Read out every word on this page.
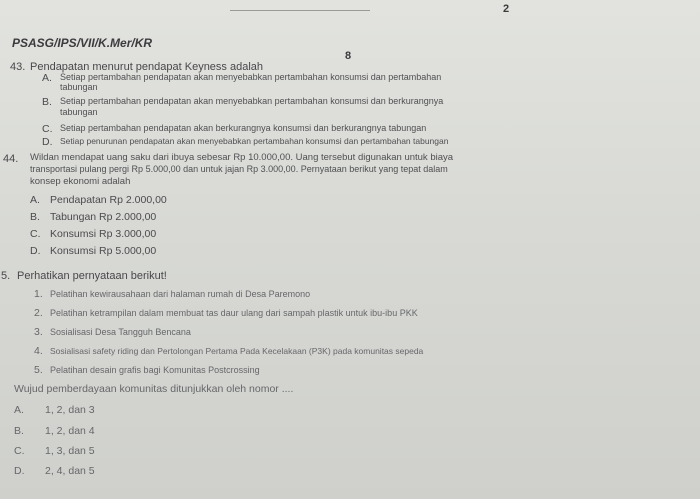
2
PSASG/IPS/VII/K.Mer/KR
8
43. Pendapatan menurut pendapat Keyness adalah
A. Setiap pertambahan pendapatan akan menyebabkan pertambahan konsumsi dan pertambahan
tabungan
B. Setiap pertambahan pendapatan akan menyebabkan pertambahan konsumsi dan berkurangnya
tabungan
C. Setiap pertambahan pendapatan akan berkurangnya konsumsi dan berkurangnya tabungan
D. Setiap penurunan pendapatan akan menyebabkan pertambahan konsumsi dan pertambahan tabungan
44. Wildan mendapat uang saku dari ibuya sebesar Rp 10.000,00. Uang tersebut digunakan untuk biaya
transportasi pulang pergi Rp 5.000,00 dan untuk jajan Rp 3.000,00. Pernyataan berikut yang tepat dalam
konsep ekonomi adalah
A. Pendapatan Rp 2.000,00
B. Tabungan Rp 2.000,00
C. Konsumsi Rp 3.000,00
D. Konsumsi Rp 5.000,00
5. Perhatikan pernyataan berikut!
1. Pelatihan kewirausahaan dari halaman rumah di Desa Paremono
2. Pelatihan ketrampilan dalam membuat tas daur ulang dari sampah plastik untuk ibu-ibu PKK
3. Sosialisasi Desa Tangguh Bencana
4. Sosialisasi safety riding dan Pertolongan Pertama Pada Kecelakaan (P3K) pada komunitas sepeda
5. Pelatihan desain grafis bagi Komunitas Postcrossing
Wujud pemberdayaan komunitas ditunjukkan oleh nomor ....
A. 1, 2, dan 3
B. 1, 2, dan 4
C. 1, 3, dan 5
D. 2, 4, dan 5
